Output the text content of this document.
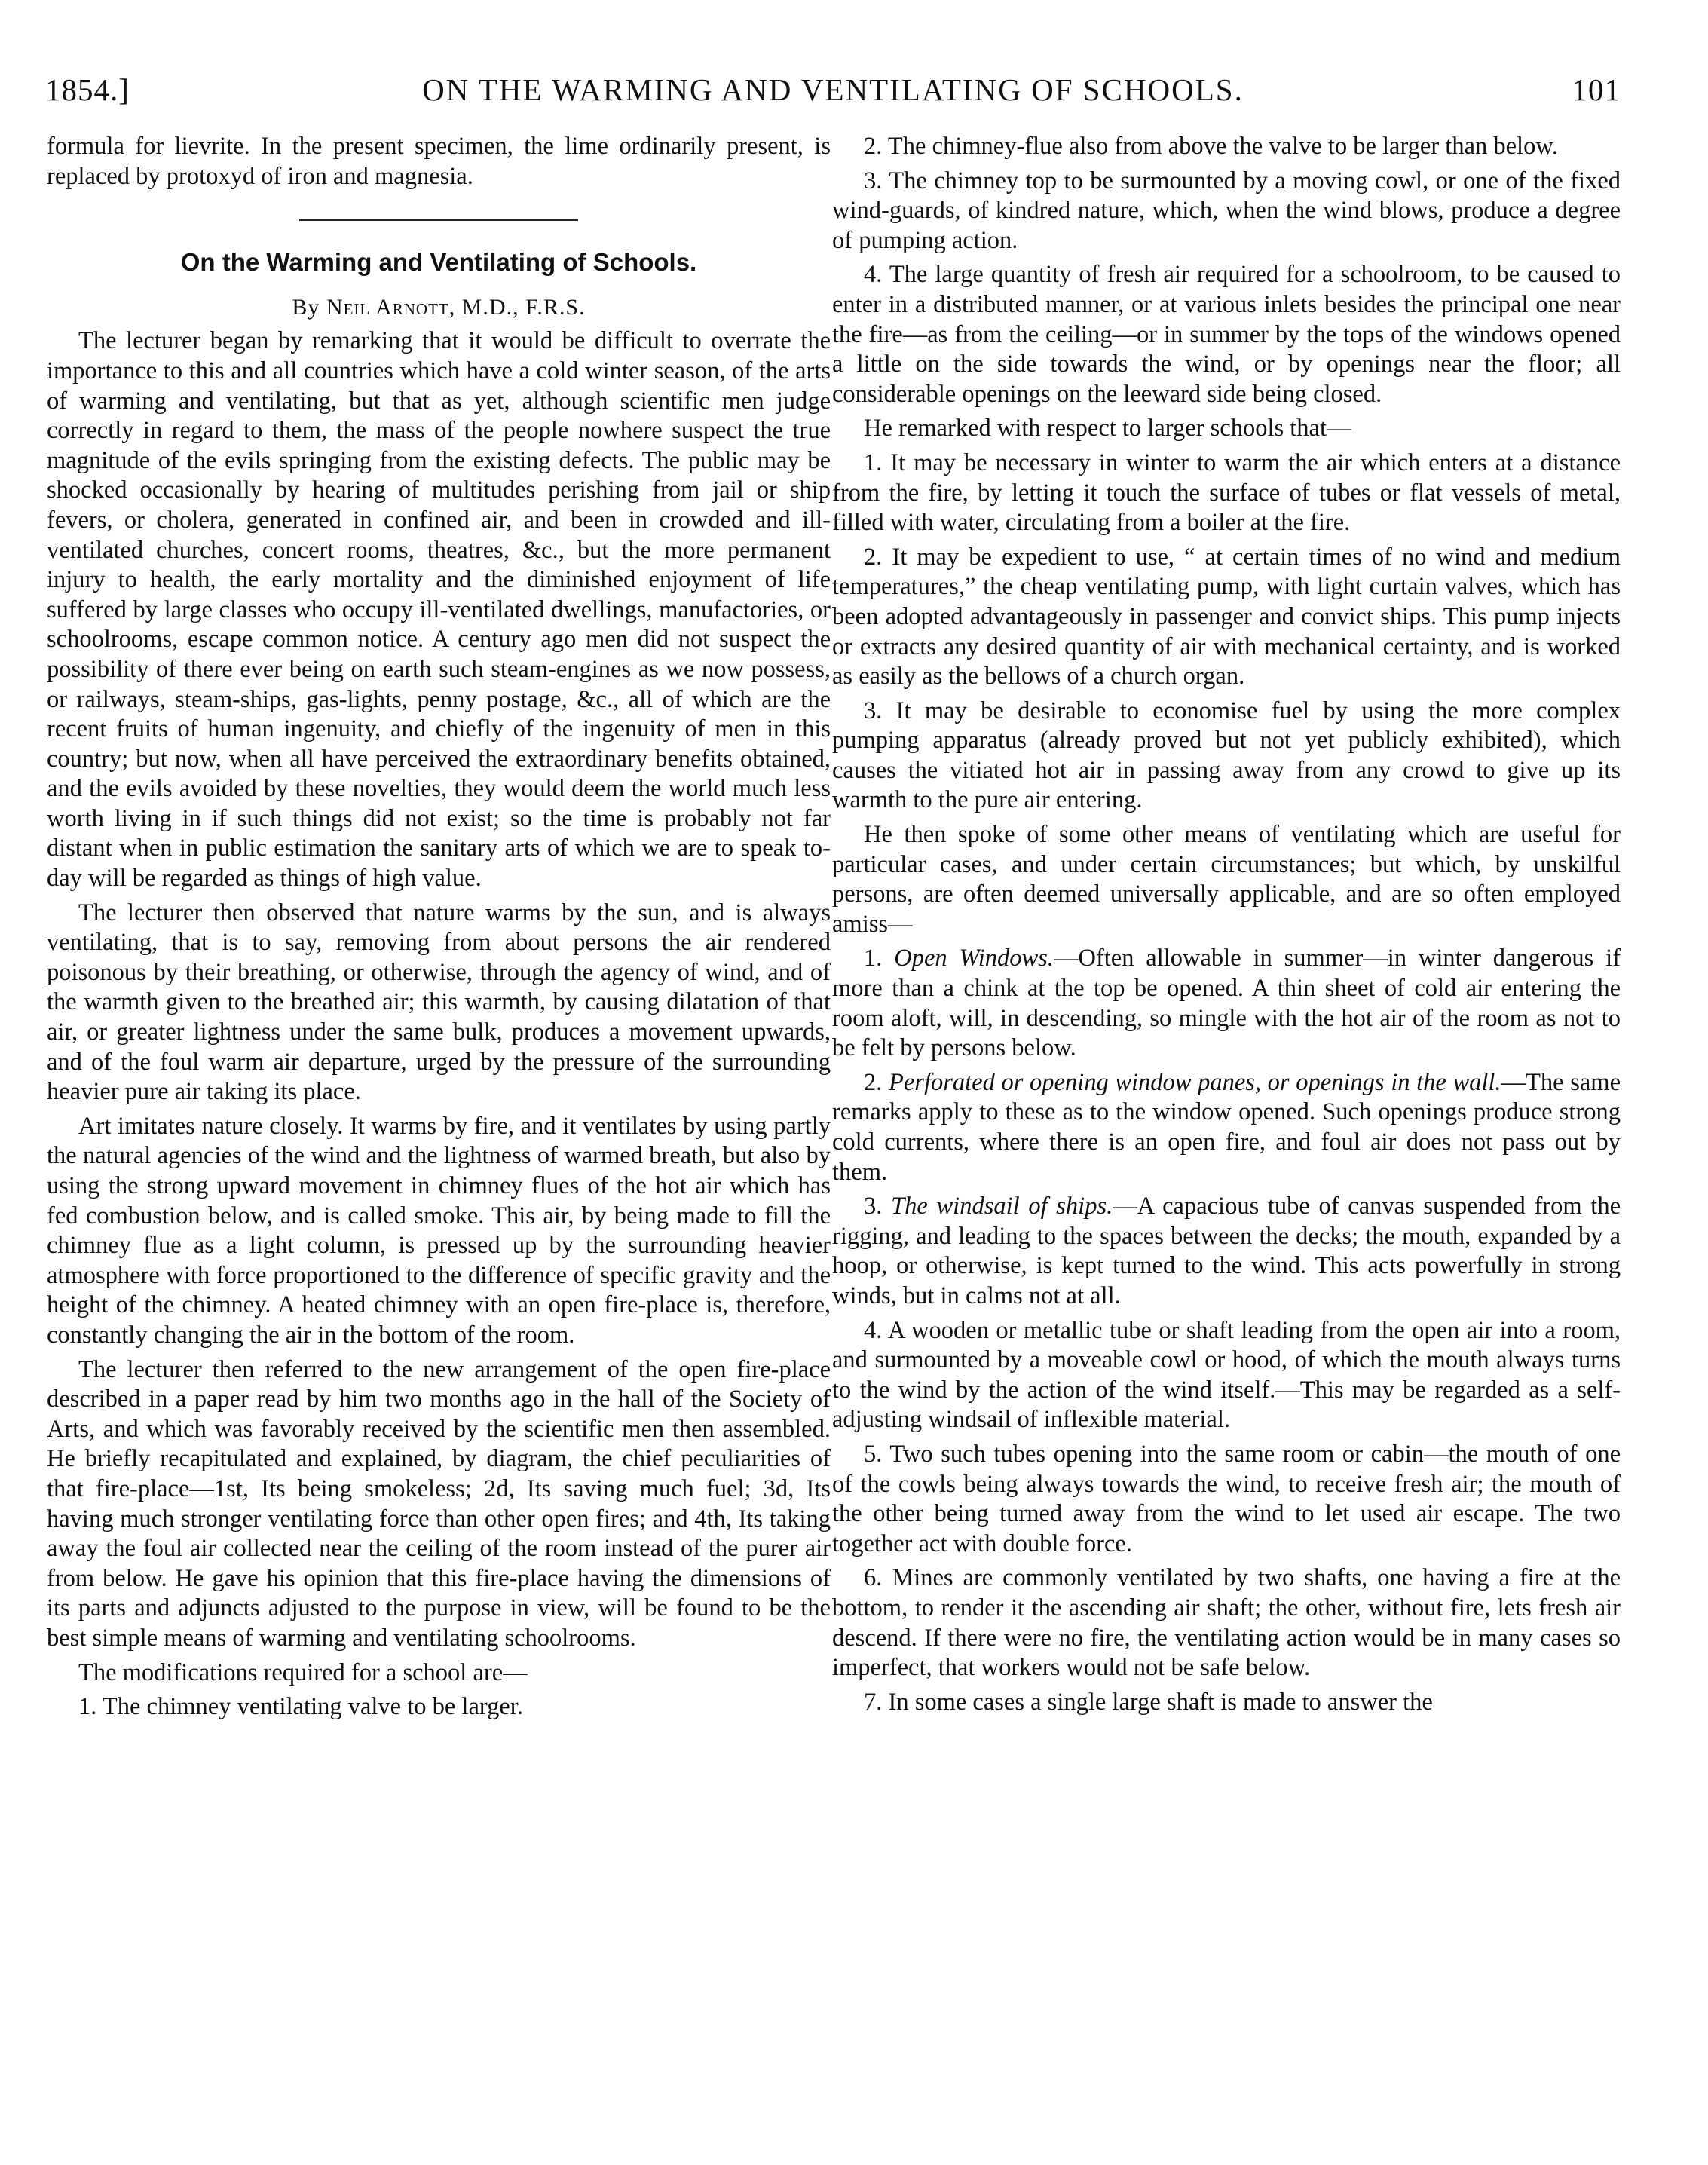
1854.]	ON THE WARMING AND VENTILATING OF SCHOOLS.	101

formula for lievrite. In the present specimen, the lime ordinarily present, is replaced by protoxyd of iron and magnesia.

On the Warming and Ventilating of Schools.
By Neil Arnott, M.D., F.R.S.

The lecturer began by remarking that it would be difficult to overrate the importance to this and all countries which have a cold winter season, of the arts of warming and ventilating, but that as yet, although scientific men judge correctly in regard to them, the mass of the people nowhere suspect the true magnitude of the evils springing from the existing defects. The public may be shocked occasionally by hearing of multitudes perishing from jail or ship fevers, or cholera, generated in confined air, and been in crowded and ill-ventilated churches, concert rooms, theatres, &c., but the more permanent injury to health, the early mortality and the diminished enjoyment of life suffered by large classes who occupy ill-ventilated dwellings, manufactories, or schoolrooms, escape common notice. A century ago men did not suspect the possibility of there ever being on earth such steam-engines as we now possess, or railways, steam-ships, gas-lights, penny postage, &c., all of which are the recent fruits of human ingenuity, and chiefly of the ingenuity of men in this country; but now, when all have perceived the extraordinary benefits obtained, and the evils avoided by these novelties, they would deem the world much less worth living in if such things did not exist; so the time is probably not far distant when in public estimation the sanitary arts of which we are to speak to-day will be regarded as things of high value.

The lecturer then observed that nature warms by the sun, and is always ventilating, that is to say, removing from about persons the air rendered poisonous by their breathing, or otherwise, through the agency of wind, and of the warmth given to the breathed air; this warmth, by causing dilatation of that air, or greater lightness under the same bulk, produces a movement upwards, and of the foul warm air departure, urged by the pressure of the surrounding heavier pure air taking its place.

Art imitates nature closely. It warms by fire, and it ventilates by using partly the natural agencies of the wind and the lightness of warmed breath, but also by using the strong upward movement in chimney flues of the hot air which has fed combustion below, and is called smoke. This air, by being made to fill the chimney flue as a light column, is pressed up by the surrounding heavier atmosphere with force proportioned to the difference of specific gravity and the height of the chimney. A heated chimney with an open fire-place is, therefore, constantly changing the air in the bottom of the room.

The lecturer then referred to the new arrangement of the open fire-place described in a paper read by him two months ago in the hall of the Society of Arts, and which was favorably received by the scientific men then assembled. He briefly recapitulated and explained, by diagram, the chief peculiarities of that fire-place—1st, Its being smokeless; 2d, Its saving much fuel; 3d, Its having much stronger ventilating force than other open fires; and 4th, Its taking away the foul air collected near the ceiling of the room instead of the purer air from below. He gave his opinion that this fire-place having the dimensions of its parts and adjuncts adjusted to the purpose in view, will be found to be the best simple means of warming and ventilating schoolrooms.

The modifications required for a school are—

1. The chimney ventilating valve to be larger.

2. The chimney-flue also from above the valve to be larger than below.

3. The chimney top to be surmounted by a moving cowl, or one of the fixed wind-guards, of kindred nature, which, when the wind blows, produce a degree of pumping action.

4. The large quantity of fresh air required for a schoolroom, to be caused to enter in a distributed manner, or at various inlets besides the principal one near the fire—as from the ceiling—or in summer by the tops of the windows opened a little on the side towards the wind, or by openings near the floor; all considerable openings on the leeward side being closed.

He remarked with respect to larger schools that—

1. It may be necessary in winter to warm the air which enters at a distance from the fire, by letting it touch the surface of tubes or flat vessels of metal, filled with water, circulating from a boiler at the fire.

2. It may be expedient to use, “ at certain times of no wind and medium temperatures,” the cheap ventilating pump, with light curtain valves, which has been adopted advantageously in passenger and convict ships. This pump injects or extracts any desired quantity of air with mechanical certainty, and is worked as easily as the bellows of a church organ.

3. It may be desirable to economise fuel by using the more complex pumping apparatus (already proved but not yet publicly exhibited), which causes the vitiated hot air in passing away from any crowd to give up its warmth to the pure air entering.

He then spoke of some other means of ventilating which are useful for particular cases, and under certain circumstances; but which, by unskilful persons, are often deemed universally applicable, and are so often employed amiss—

1. Open Windows.—Often allowable in summer—in winter dangerous if more than a chink at the top be opened. A thin sheet of cold air entering the room aloft, will, in descending, so mingle with the hot air of the room as not to be felt by persons below.

2. Perforated or opening window panes, or openings in the wall.—The same remarks apply to these as to the window opened. Such openings produce strong cold currents, where there is an open fire, and foul air does not pass out by them.

3. The windsail of ships.—A capacious tube of canvas suspended from the rigging, and leading to the spaces between the decks; the mouth, expanded by a hoop, or otherwise, is kept turned to the wind. This acts powerfully in strong winds, but in calms not at all.

4. A wooden or metallic tube or shaft leading from the open air into a room, and surmounted by a moveable cowl or hood, of which the mouth always turns to the wind by the action of the wind itself.—This may be regarded as a self-adjusting windsail of inflexible material.

5. Two such tubes opening into the same room or cabin—the mouth of one of the cowls being always towards the wind, to receive fresh air; the mouth of the other being turned away from the wind to let used air escape. The two together act with double force.

6. Mines are commonly ventilated by two shafts, one having a fire at the bottom, to render it the ascending air shaft; the other, without fire, lets fresh air descend. If there were no fire, the ventilating action would be in many cases so imperfect, that workers would not be safe below.

7. In some cases a single large shaft is made to answer the
